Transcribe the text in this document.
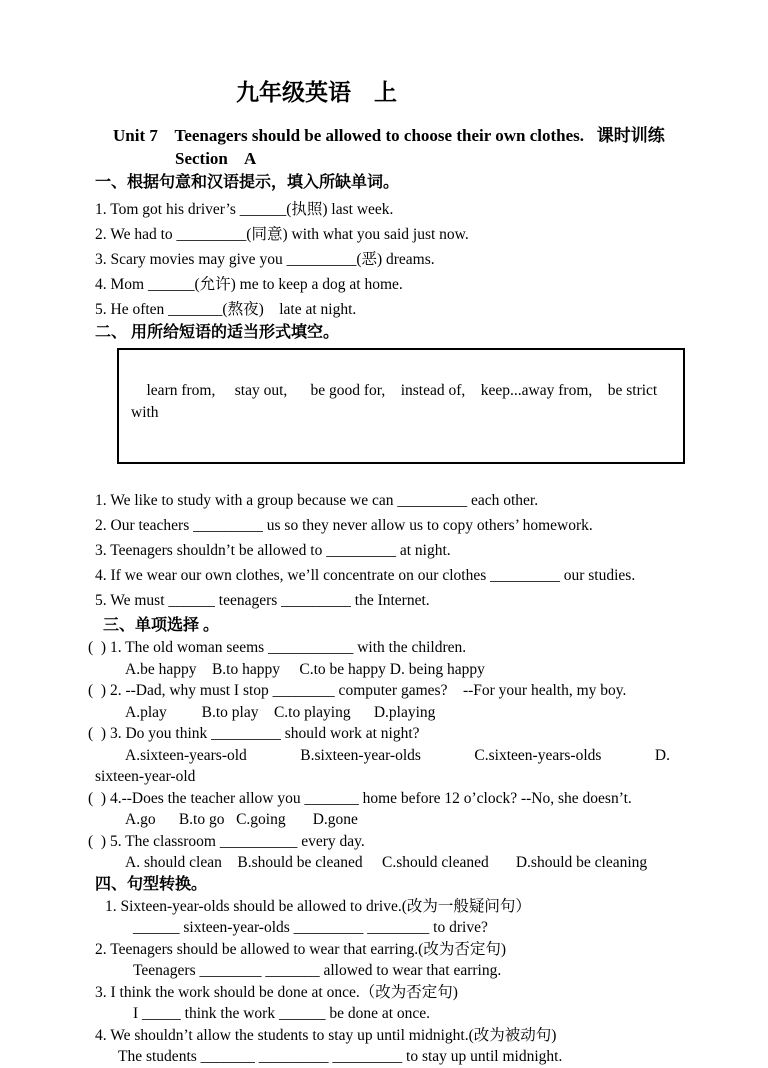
九年级英语　上
Unit 7    Teenagers should be allowed to choose their own clothes.   课时训练
Section    A
一、根据句意和汉语提示，填入所缺单词。

1. Tom got his driver’s ______(执照) last week.

2. We had to _________(同意) with what you said just now.

3. Scary movies may give you _________(恶) dreams.

4. Mom ______(允许) me to keep a dog at home.

5. He often _______(熬夜)    late at night.

二、 用所给短语的适当形式填空。

learn from,     stay out,      be good for,    instead of,    keep...away from,    be strict with

1. We like to study with a group because we can _________ each other.

2. Our teachers _________ us so they never allow us to copy others’ homework.

3. Teenagers shouldn’t be allowed to _________ at night.

4. If we wear our own clothes, we’ll concentrate on our clothes _________ our studies.

5. We must ______ teenagers _________ the Internet.

三、单项选择 。

(  ) 1. The old woman seems ___________ with the children.

A.be happy    B.to happy     C.to be happy D. being happy

(  ) 2. --Dad, why must I stop ________ computer games?    --For your health, my boy.

A.play         B.to play    C.to playing      D.playing

(  ) 3. Do you think _________ should work at night?

A.sixteen-years-old	B.sixteen-year-olds	C.sixteen-years-olds	D.

sixteen-year-old

(  ) 4.--Does the teacher allow you _______ home before 12 o’clock? --No, she doesn’t.

A.go      B.to go   C.going       D.gone

(  ) 5. The classroom __________ every day.

A. should clean    B.should be cleaned     C.should cleaned       D.should be cleaning

四、句型转换。

1. Sixteen-year-olds should be allowed to drive.(改为一般疑问句）

______ sixteen-year-olds _________ ________ to drive?

2. Teenagers should be allowed to wear that earring.(改为否定句)

Teenagers ________ _______ allowed to wear that earring.

3. I think the work should be done at once.（改为否定句)

I _____ think the work ______ be done at once.

4. We shouldn’t allow the students to stay up until midnight.(改为被动句)

The students _______ _________ _________ to stay up until midnight.
